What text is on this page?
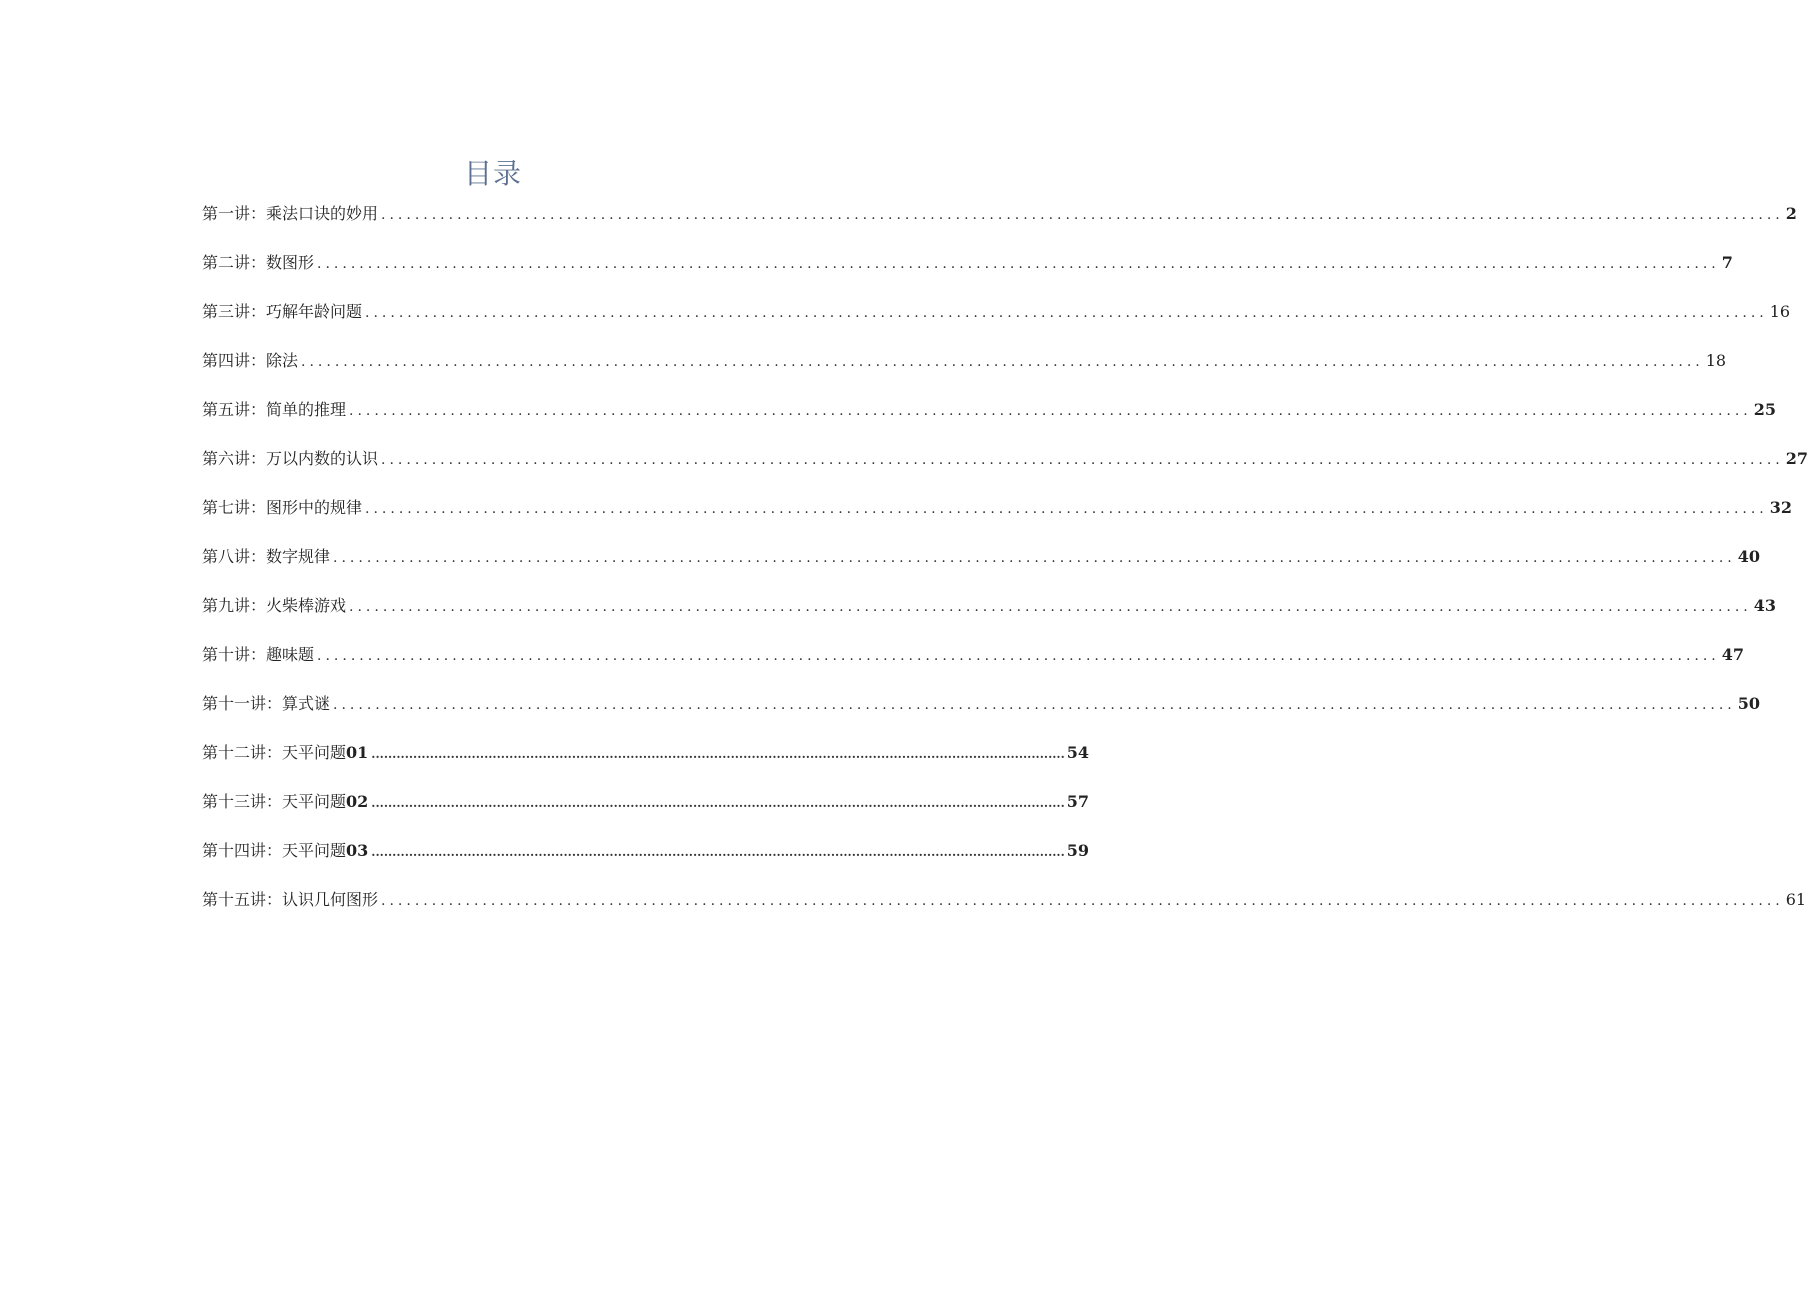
目录
第一讲：乘法口诀的妙用 ...................................................................................................................................................................... 2
第二讲：数图形 ...................................................................................................................................................................... 7
第三讲：巧解年龄问题 ...................................................................................................................................................................... 16
第四讲：除法 ...................................................................................................................................................................... 18
第五讲：简单的推理 ...................................................................................................................................................................... 25
第六讲：万以内数的认识 ...................................................................................................................................................................... 27
第七讲：图形中的规律 ...................................................................................................................................................................... 32
第八讲：数字规律 ...................................................................................................................................................................... 40
第九讲：火柴棒游戏 ...................................................................................................................................................................... 43
第十讲：趣味题 ...................................................................................................................................................................... 47
第十一讲：算式谜 ...................................................................................................................................................................... 50
第十二讲：天平问题01 ...................................................................................................................................................................... 54
第十三讲：天平问题02 ...................................................................................................................................................................... 57
第十四讲：天平问题03 ...................................................................................................................................................................... 59
第十五讲：认识几何图形 ...................................................................................................................................................................... 61
